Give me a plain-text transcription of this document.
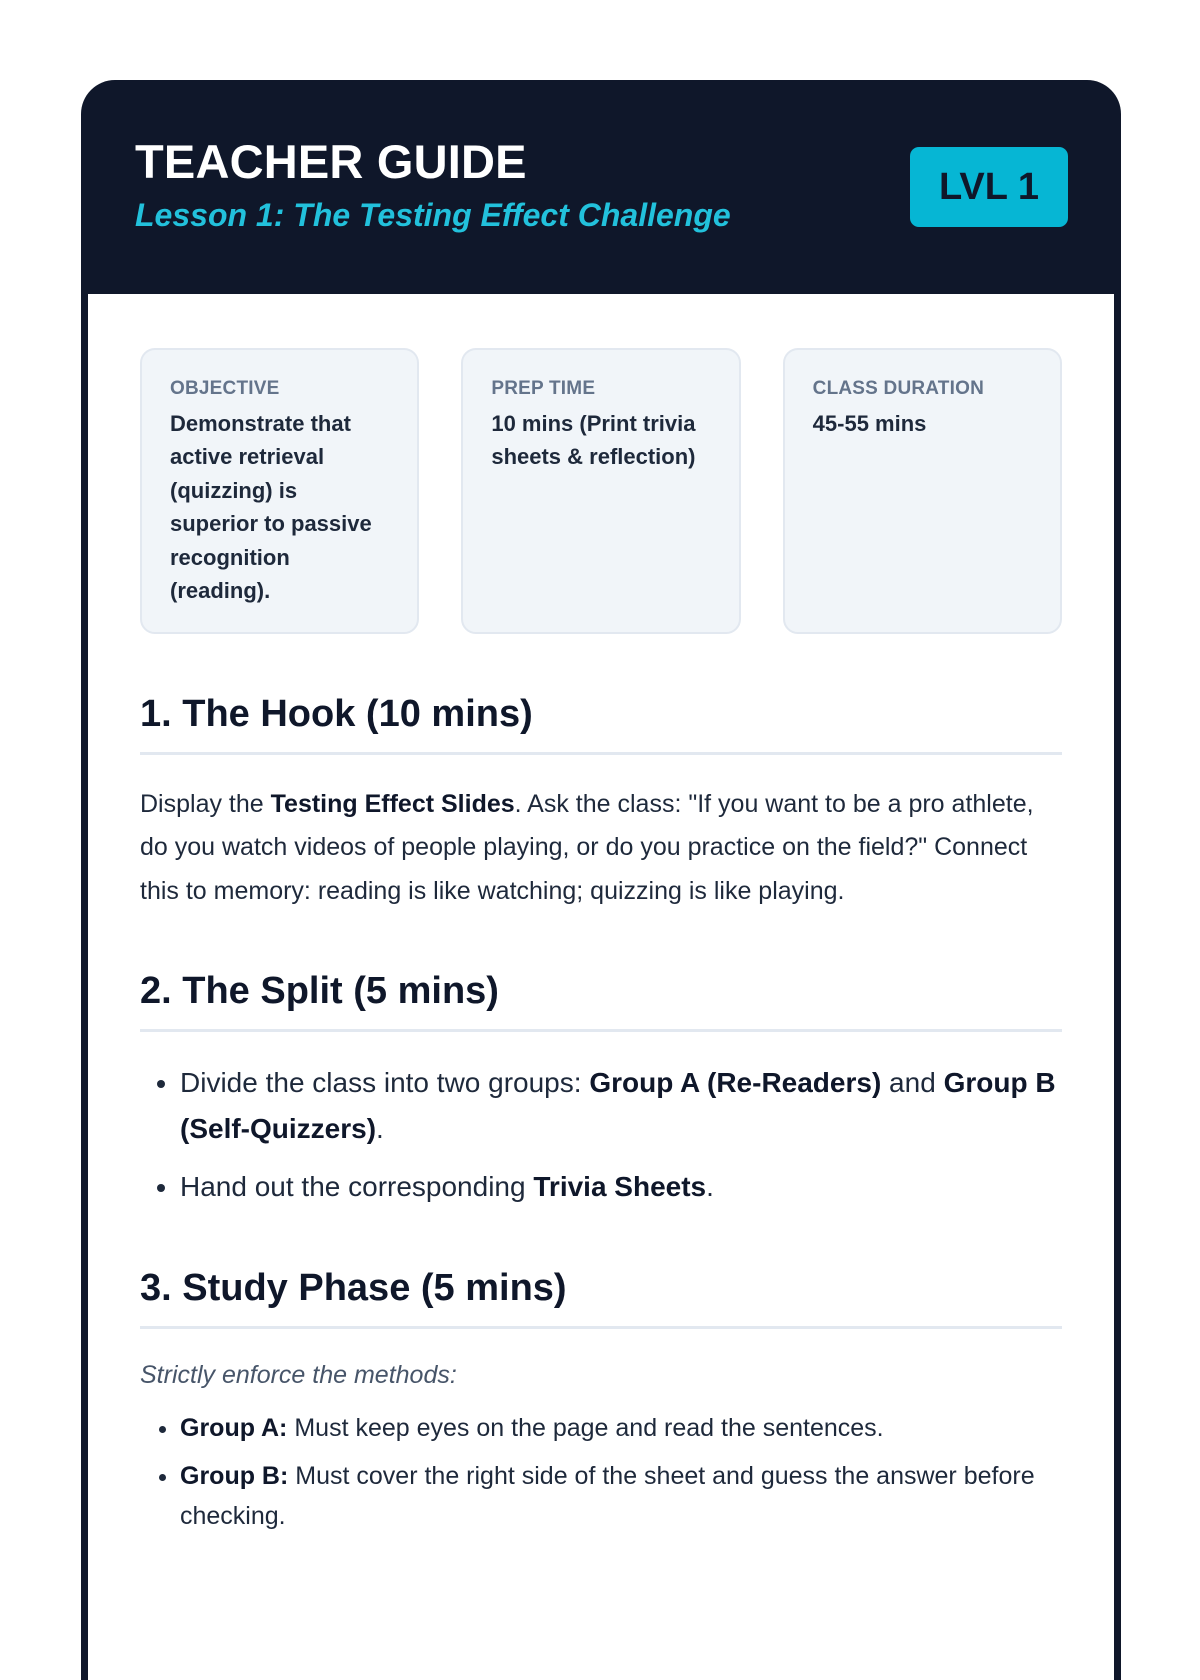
TEACHER GUIDE
Lesson 1: The Testing Effect Challenge
LVL 1
OBJECTIVE
Demonstrate that active retrieval (quizzing) is superior to passive recognition (reading).
PREP TIME
10 mins (Print trivia sheets & reflection)
CLASS DURATION
45-55 mins
1. The Hook (10 mins)

Display the Testing Effect Slides. Ask the class: "If you want to be a pro athlete, do you watch videos of people playing, or do you practice on the field?" Connect this to memory: reading is like watching; quizzing is like playing.

2. The Split (5 mins)
• Divide the class into two groups: Group A (Re-Readers) and Group B (Self-Quizzers).
• Hand out the corresponding Trivia Sheets.
3. Study Phase (5 mins)

Strictly enforce the methods:

• Group A: Must keep eyes on the page and read the sentences.
• Group B: Must cover the right side of the sheet and guess the answer before checking.
